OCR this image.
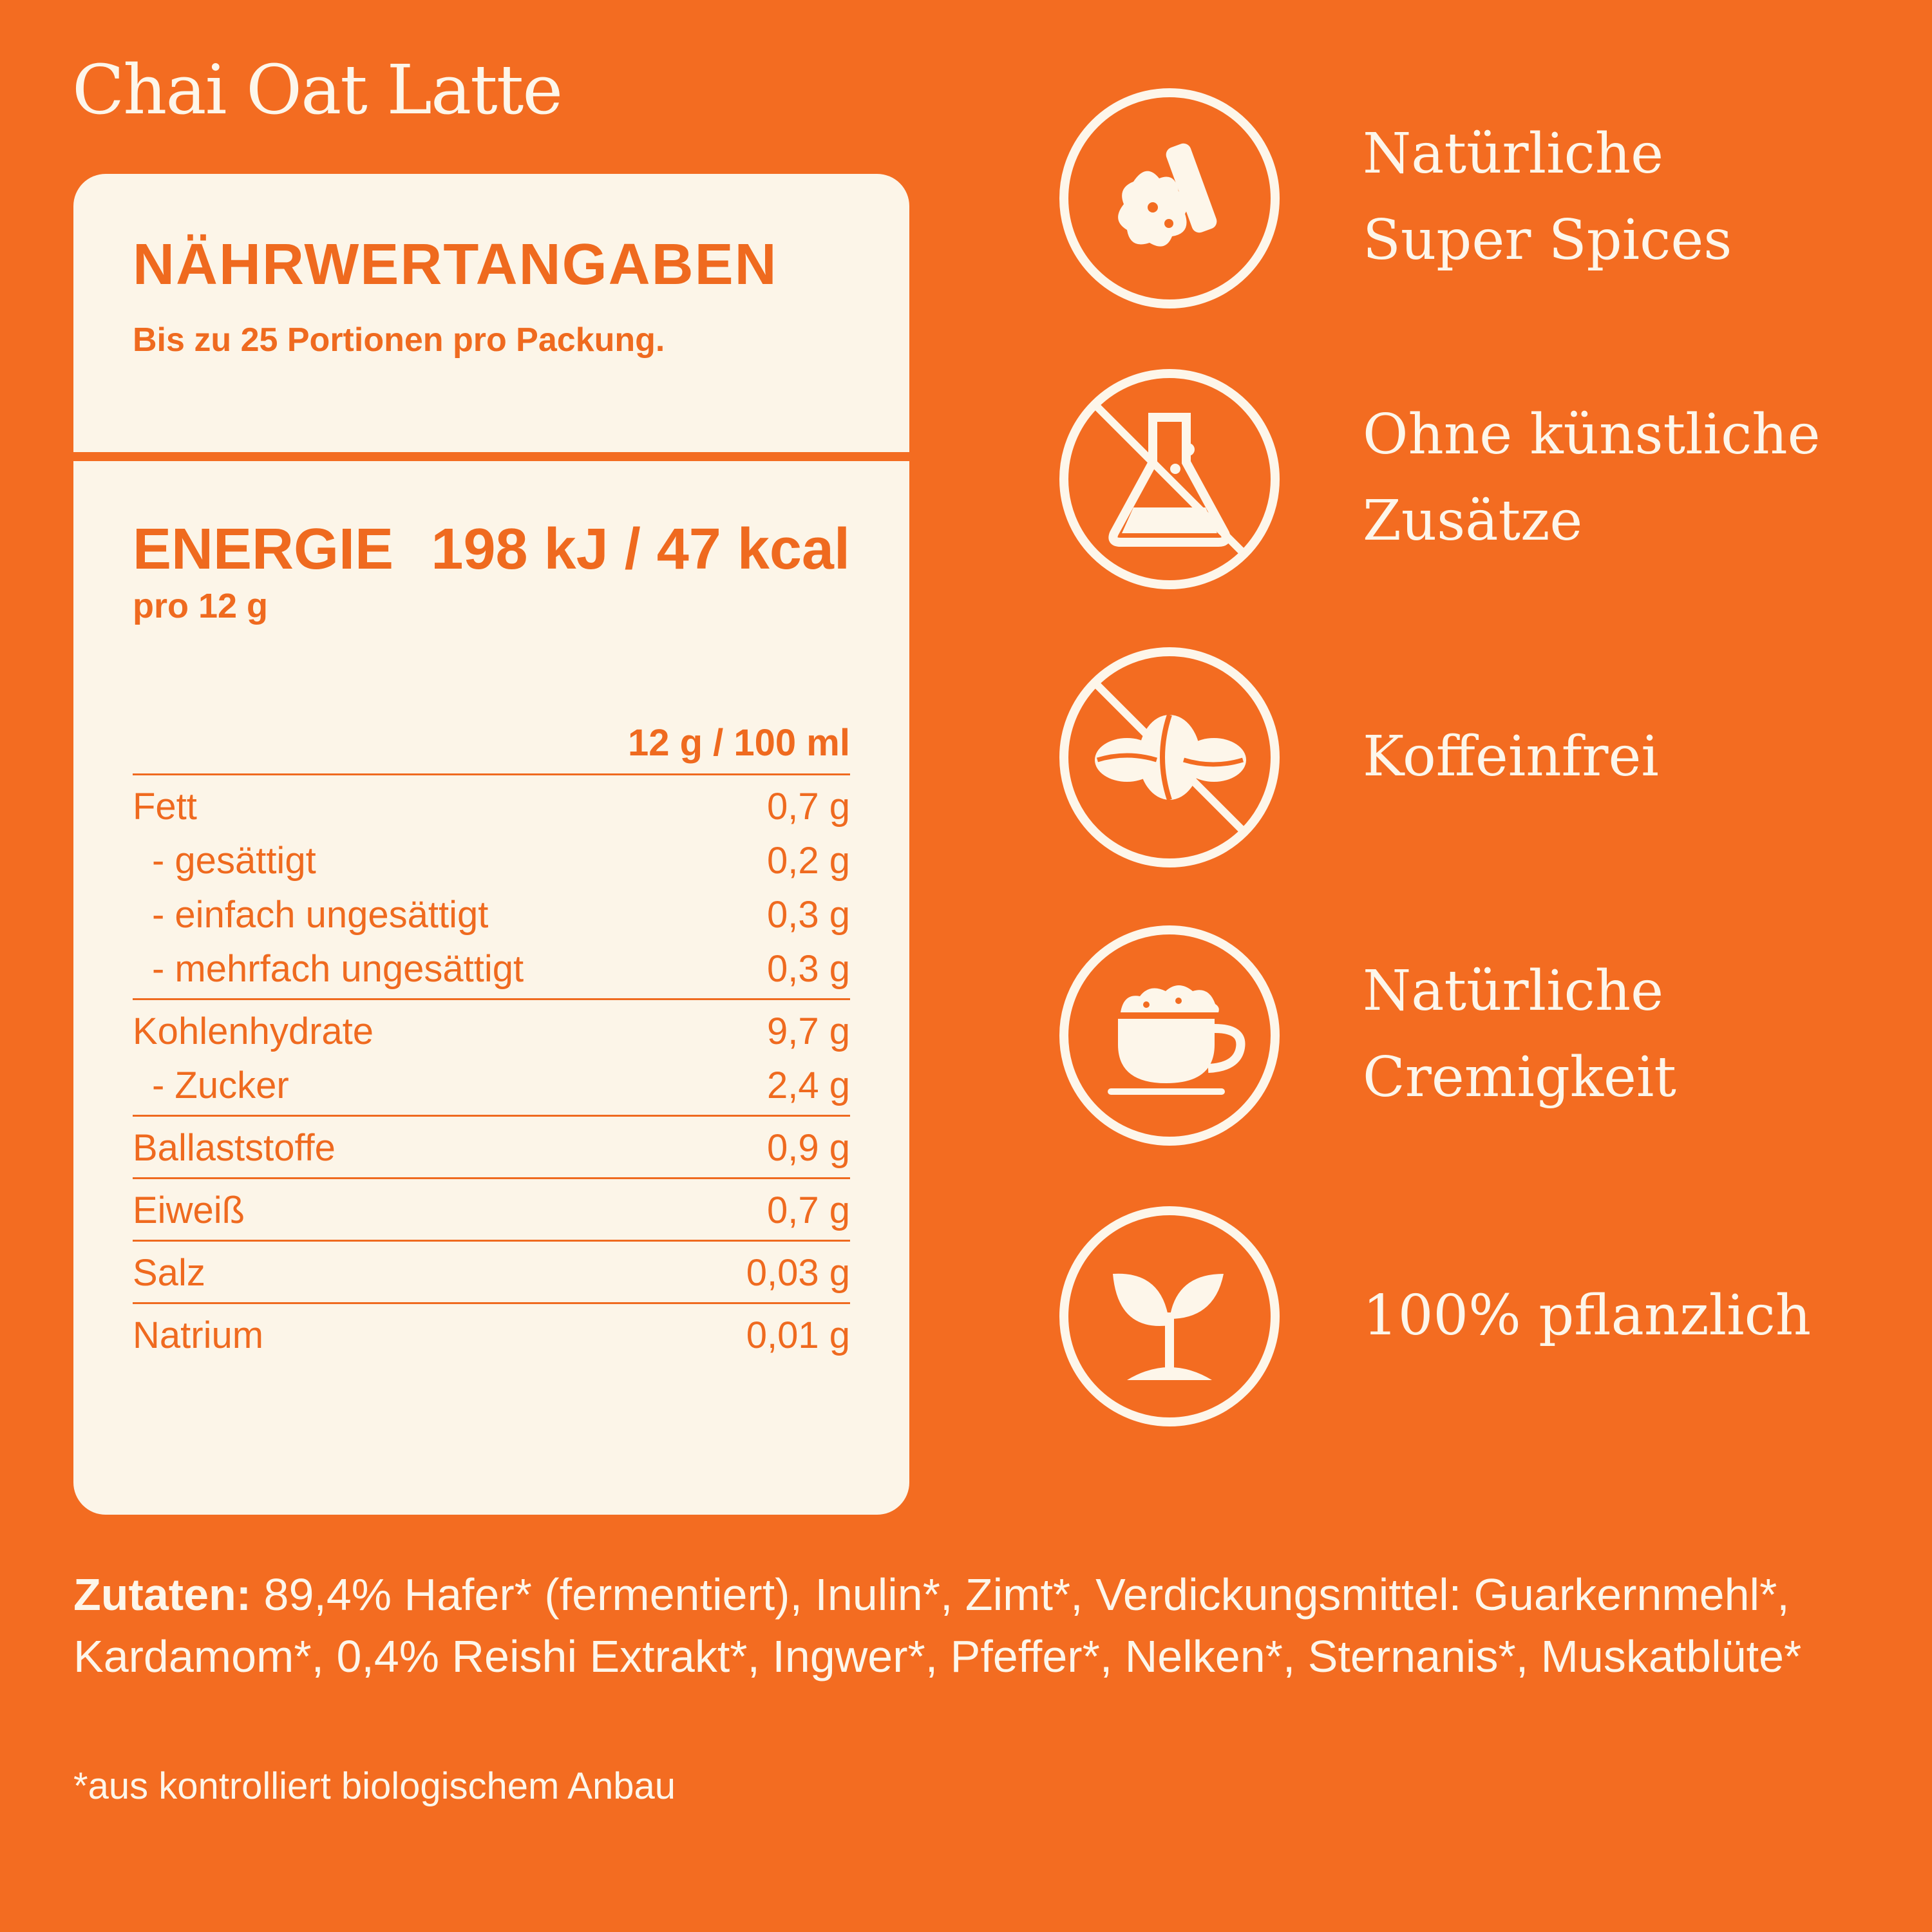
Chai Oat Latte
NÄHRWERTANGABEN
Bis zu 25 Portionen pro Packung.
ENERGIE 198 kJ / 47 kcal
pro 12 g
12 g / 100 ml
Fett	0,7 g
- gesättigt	0,2 g
- einfach ungesättigt	0,3 g
- mehrfach ungesättigt	0,3 g
Kohlenhydrate	9,7 g
- Zucker	2,4 g
Ballaststoffe	0,9 g
Eiweiß	0,7 g
Salz	0,03 g
Natrium	0,01 g
Natürliche
Super Spices
Ohne künstliche
Zusätze
Koffeinfrei
Natürliche
Cremigkeit
100% pflanzlich
Zutaten: 89,4% Hafer* (fermentiert), Inulin*, Zimt*, Verdickungsmittel: Guarkernmehl*, Kardamom*, 0,4% Reishi Extrakt*, Ingwer*, Pfeffer*, Nelken*, Sternanis*, Muskatblüte*
*aus kontrolliert biologischem Anbau
